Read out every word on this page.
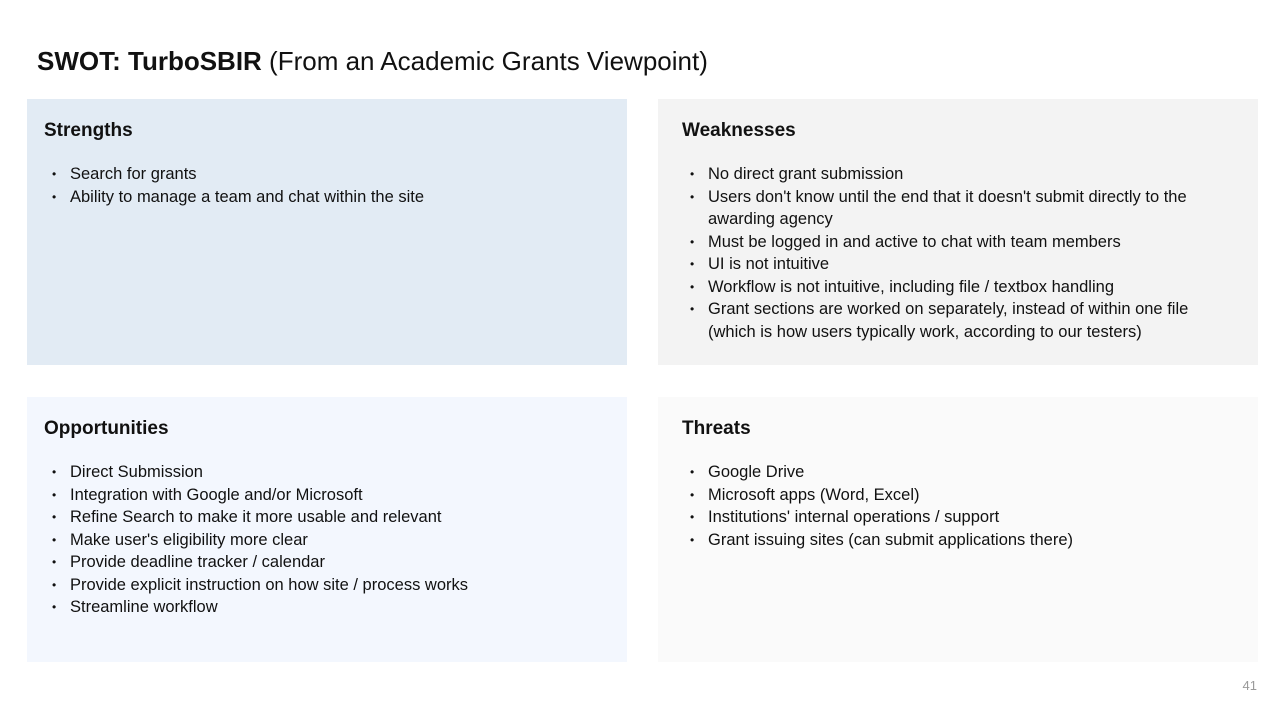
SWOT: TurboSBIR (From an Academic Grants Viewpoint)
Strengths
• Search for grants
• Ability to manage a team and chat within the site
Weaknesses
• No direct grant submission
• Users don't know until the end that it doesn't submit directly to the awarding agency
• Must be logged in and active to chat with team members
• UI is not intuitive
• Workflow is not intuitive, including file / textbox handling
• Grant sections are worked on separately, instead of within one file (which is how users typically work, according to our testers)
Opportunities
• Direct Submission
• Integration with Google and/or Microsoft
• Refine Search to make it more usable and relevant
• Make user's eligibility more clear
• Provide deadline tracker / calendar
• Provide explicit instruction on how site / process works
• Streamline workflow
Threats
• Google Drive
• Microsoft apps (Word, Excel)
• Institutions' internal operations / support
• Grant issuing sites (can submit applications there)
41
